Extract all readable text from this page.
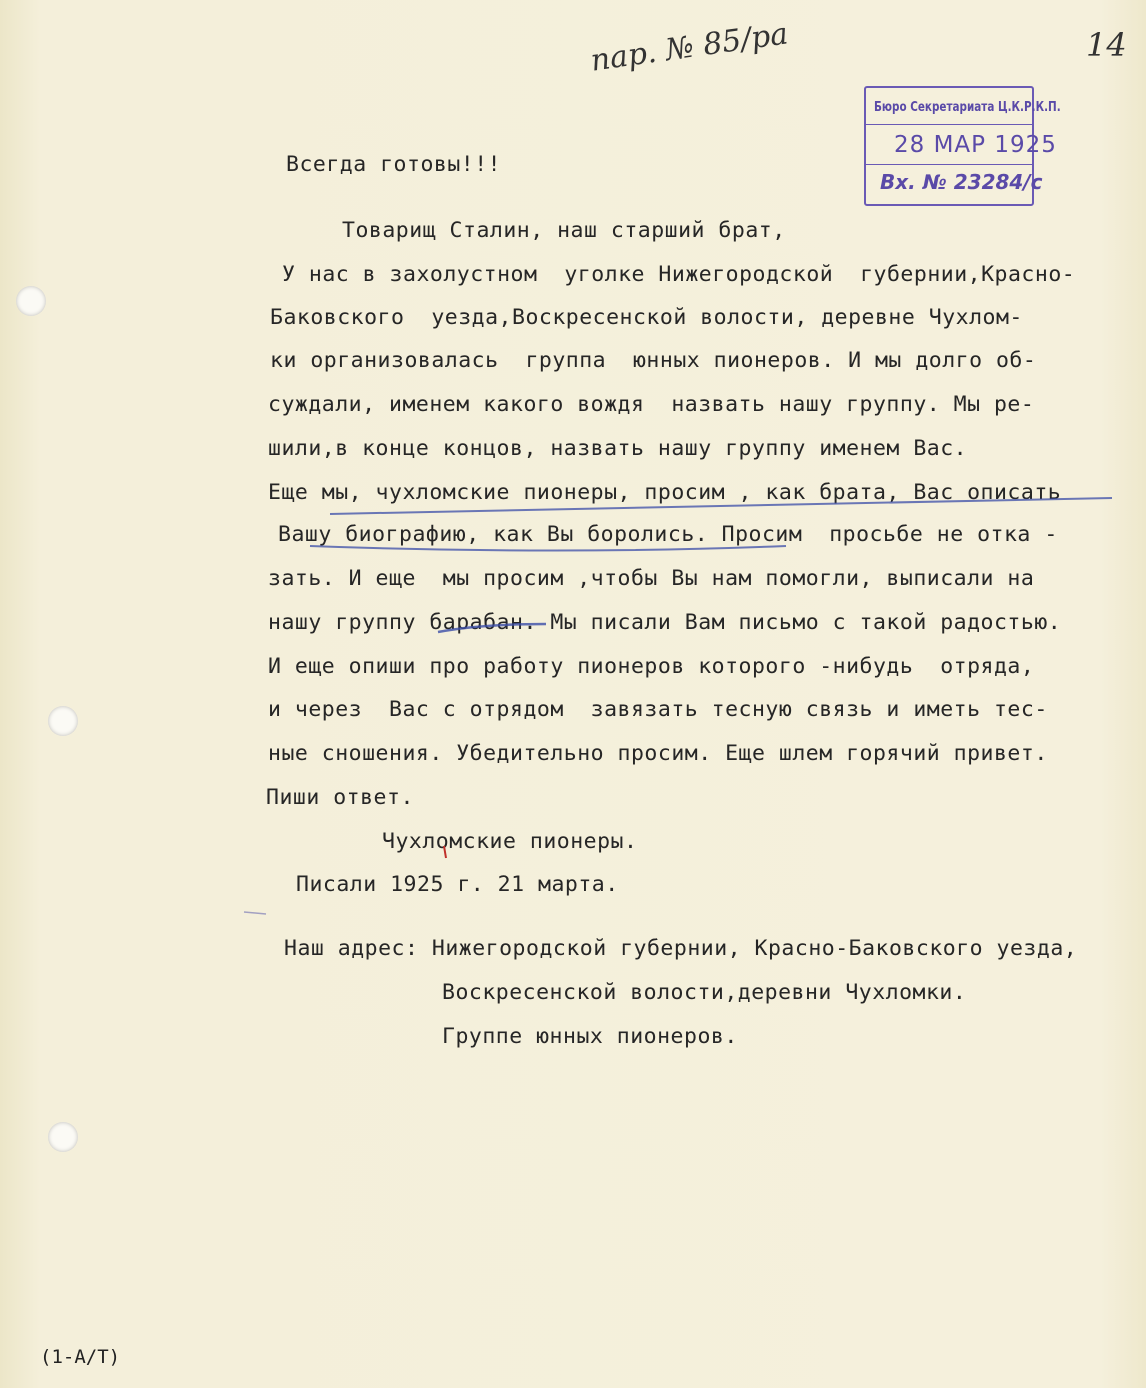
пар. № 85/ра	14
Бюро Секретариата Ц.К.Р.К.П.
28 МАР 1925
Вх. № 23284/с
Всегда готовы!!!
Товарищ Сталин, наш старший брат,
У нас в захолустном  уголке Нижегородской  губернии,Красно-
Баковского  уезда,Воскресенской волости, деревне Чухлом-
ки организовалась  группа  юнных пионеров. И мы долго об-
суждали, именем какого вождя  назвать нашу группу. Мы ре-
шили,в конце концов, назвать нашу группу именем Вас.
Еще мы, чухломские пионеры, просим , как брата, Вас описать
Вашу биографию, как Вы боролись. Просим  просьбе не отка -
зать. И еще  мы просим ,чтобы Вы нам помогли, выписали на
нашу группу барабан. Мы писали Вам письмо с такой радостью.
И еще опиши про работу пионеров которого -нибудь  отряда,
и через  Вас с отрядом  завязать тесную связь и иметь тес-
ные сношения. Убедительно просим. Еще шлем горячий привет.
Пиши ответ.
Чухломские пионеры.
Писали 1925 г. 21 марта.
Наш адрес: Нижегородской губернии, Красно-Баковского уезда,
Воскресенской волости,деревни Чухломки.
Группе юнных пионеров.
(1-А/Т)
